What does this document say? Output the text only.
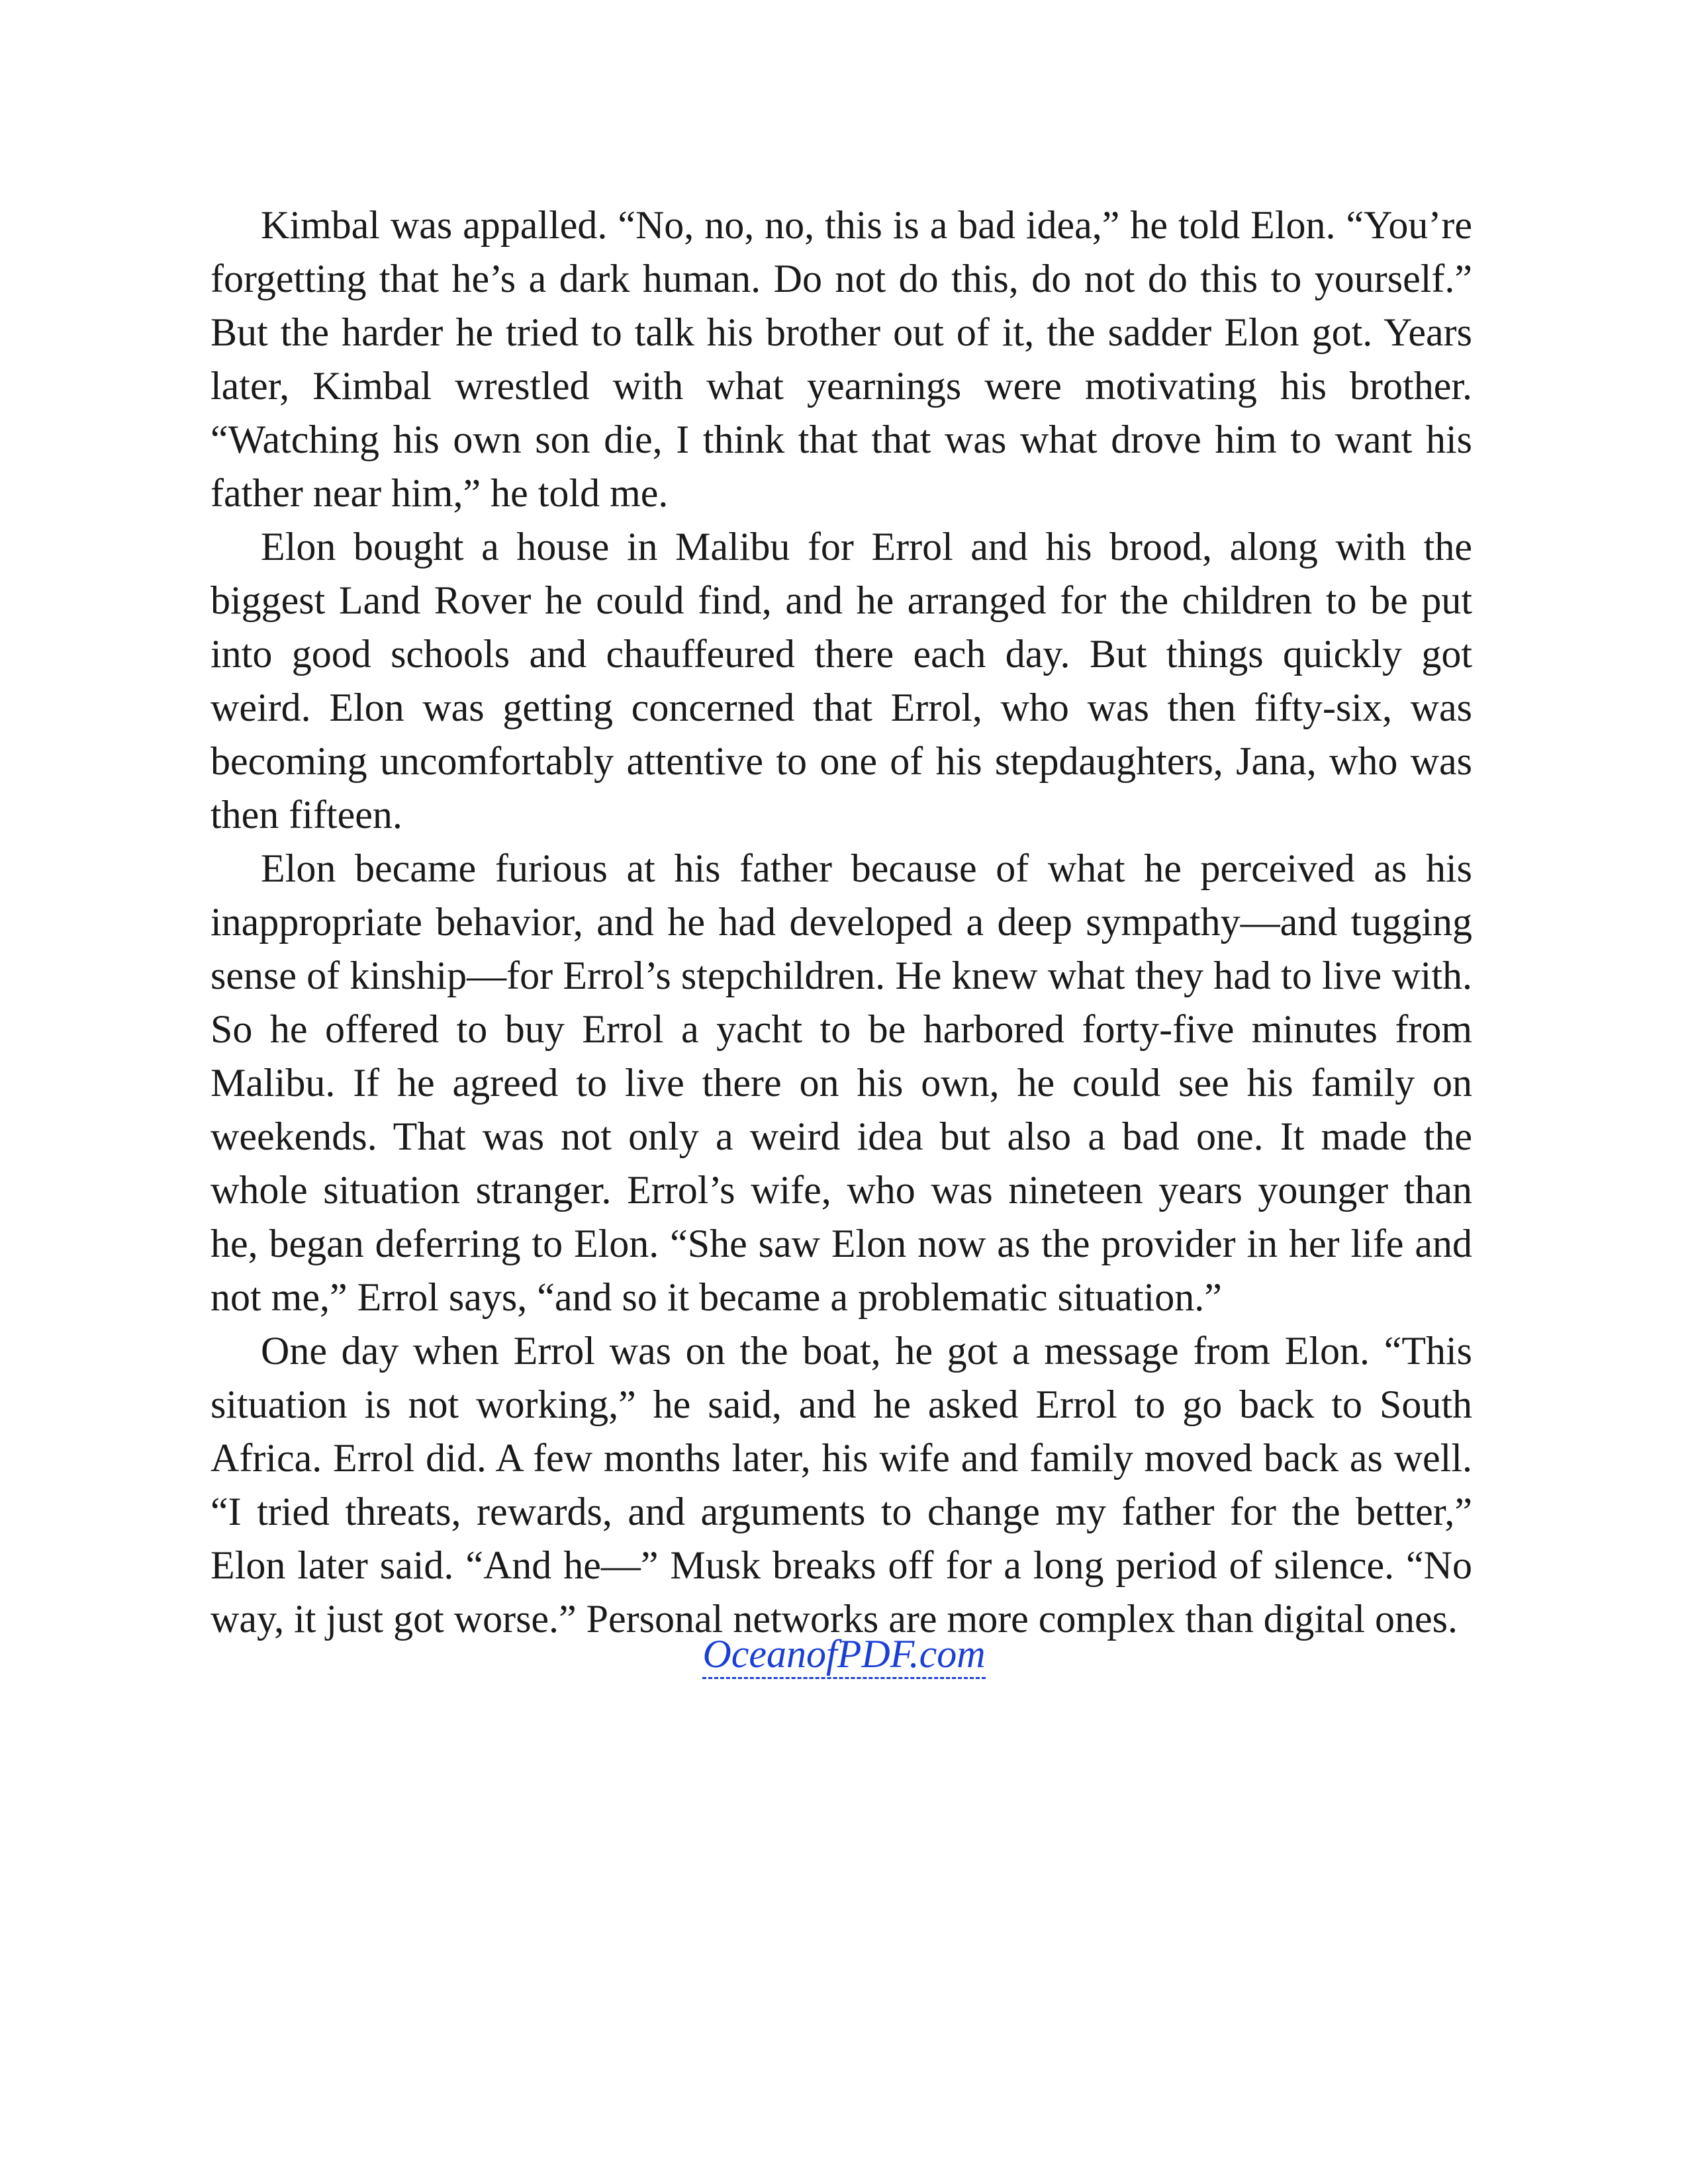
Kimbal was appalled. “No, no, no, this is a bad idea,” he told Elon. “You’re forgetting that he’s a dark human. Do not do this, do not do this to yourself.” But the harder he tried to talk his brother out of it, the sadder Elon got. Years later, Kimbal wrestled with what yearnings were motivating his brother. “Watching his own son die, I think that that was what drove him to want his father near him,” he told me.

Elon bought a house in Malibu for Errol and his brood, along with the biggest Land Rover he could find, and he arranged for the children to be put into good schools and chauffeured there each day. But things quickly got weird. Elon was getting concerned that Errol, who was then fifty-six, was becoming uncomfortably attentive to one of his stepdaughters, Jana, who was then fifteen.

Elon became furious at his father because of what he perceived as his inappropriate behavior, and he had developed a deep sympathy—and tugging sense of kinship—for Errol’s stepchildren. He knew what they had to live with. So he offered to buy Errol a yacht to be harbored forty-five minutes from Malibu. If he agreed to live there on his own, he could see his family on weekends. That was not only a weird idea but also a bad one. It made the whole situation stranger. Errol’s wife, who was nineteen years younger than he, began deferring to Elon. “She saw Elon now as the provider in her life and not me,” Errol says, “and so it became a problematic situation.”

One day when Errol was on the boat, he got a message from Elon. “This situation is not working,” he said, and he asked Errol to go back to South Africa. Errol did. A few months later, his wife and family moved back as well. “I tried threats, rewards, and arguments to change my father for the better,” Elon later said. “And he—” Musk breaks off for a long period of silence. “No way, it just got worse.” Personal networks are more complex than digital ones.

OceanofPDF.com
